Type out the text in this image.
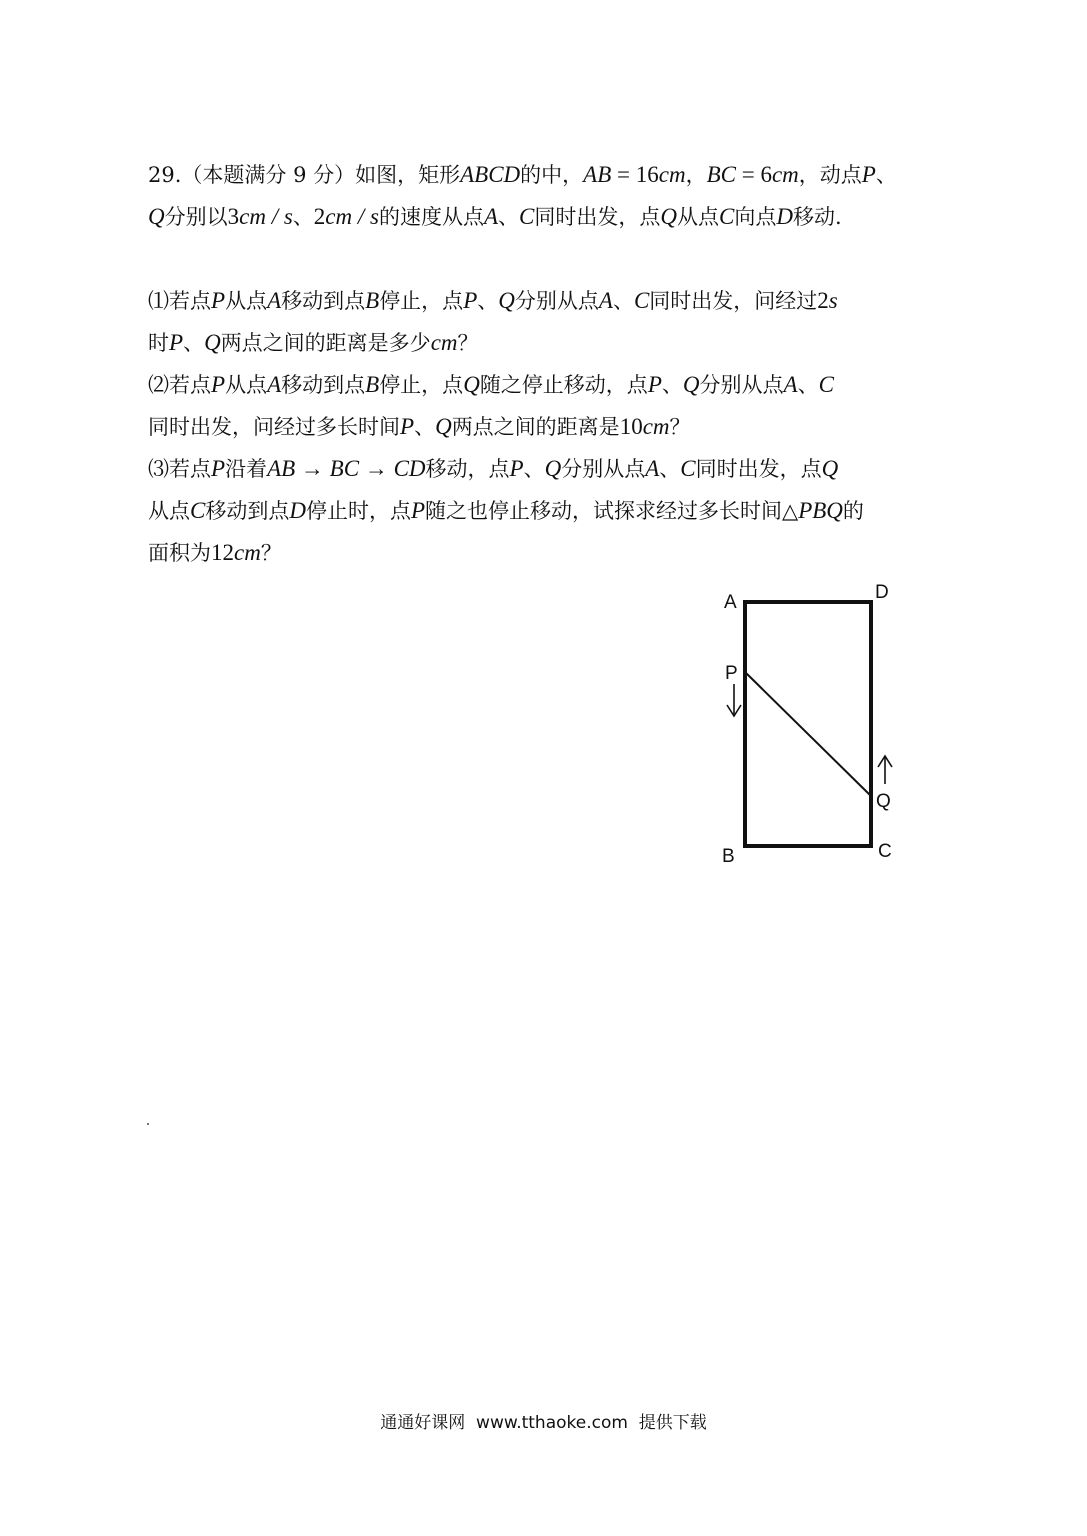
29.（本题满分 9 分）如图，矩形ABCD的中，AB = 16cm，BC = 6cm，动点P、
Q分别以3cm / s、2cm / s的速度从点A、C同时出发，点Q从点C向点D移动.
⑴若点P从点A移动到点B停止，点P、Q分别从点A、C同时出发，问经过2s
时P、Q两点之间的距离是多少cm？
⑵若点P从点A移动到点B停止，点Q随之停止移动，点P、Q分别从点A、C
同时出发，问经过多长时间P、Q两点之间的距离是10cm？
⑶若点P沿着AB → BC → CD移动，点P、Q分别从点A、C同时出发，点Q
从点C移动到点D停止时，点P随之也停止移动，试探求经过多长时间△PBQ的
面积为12cm？
A	D
P
Q
B	C
通通好课网 www.tthaoke.com 提供下载
